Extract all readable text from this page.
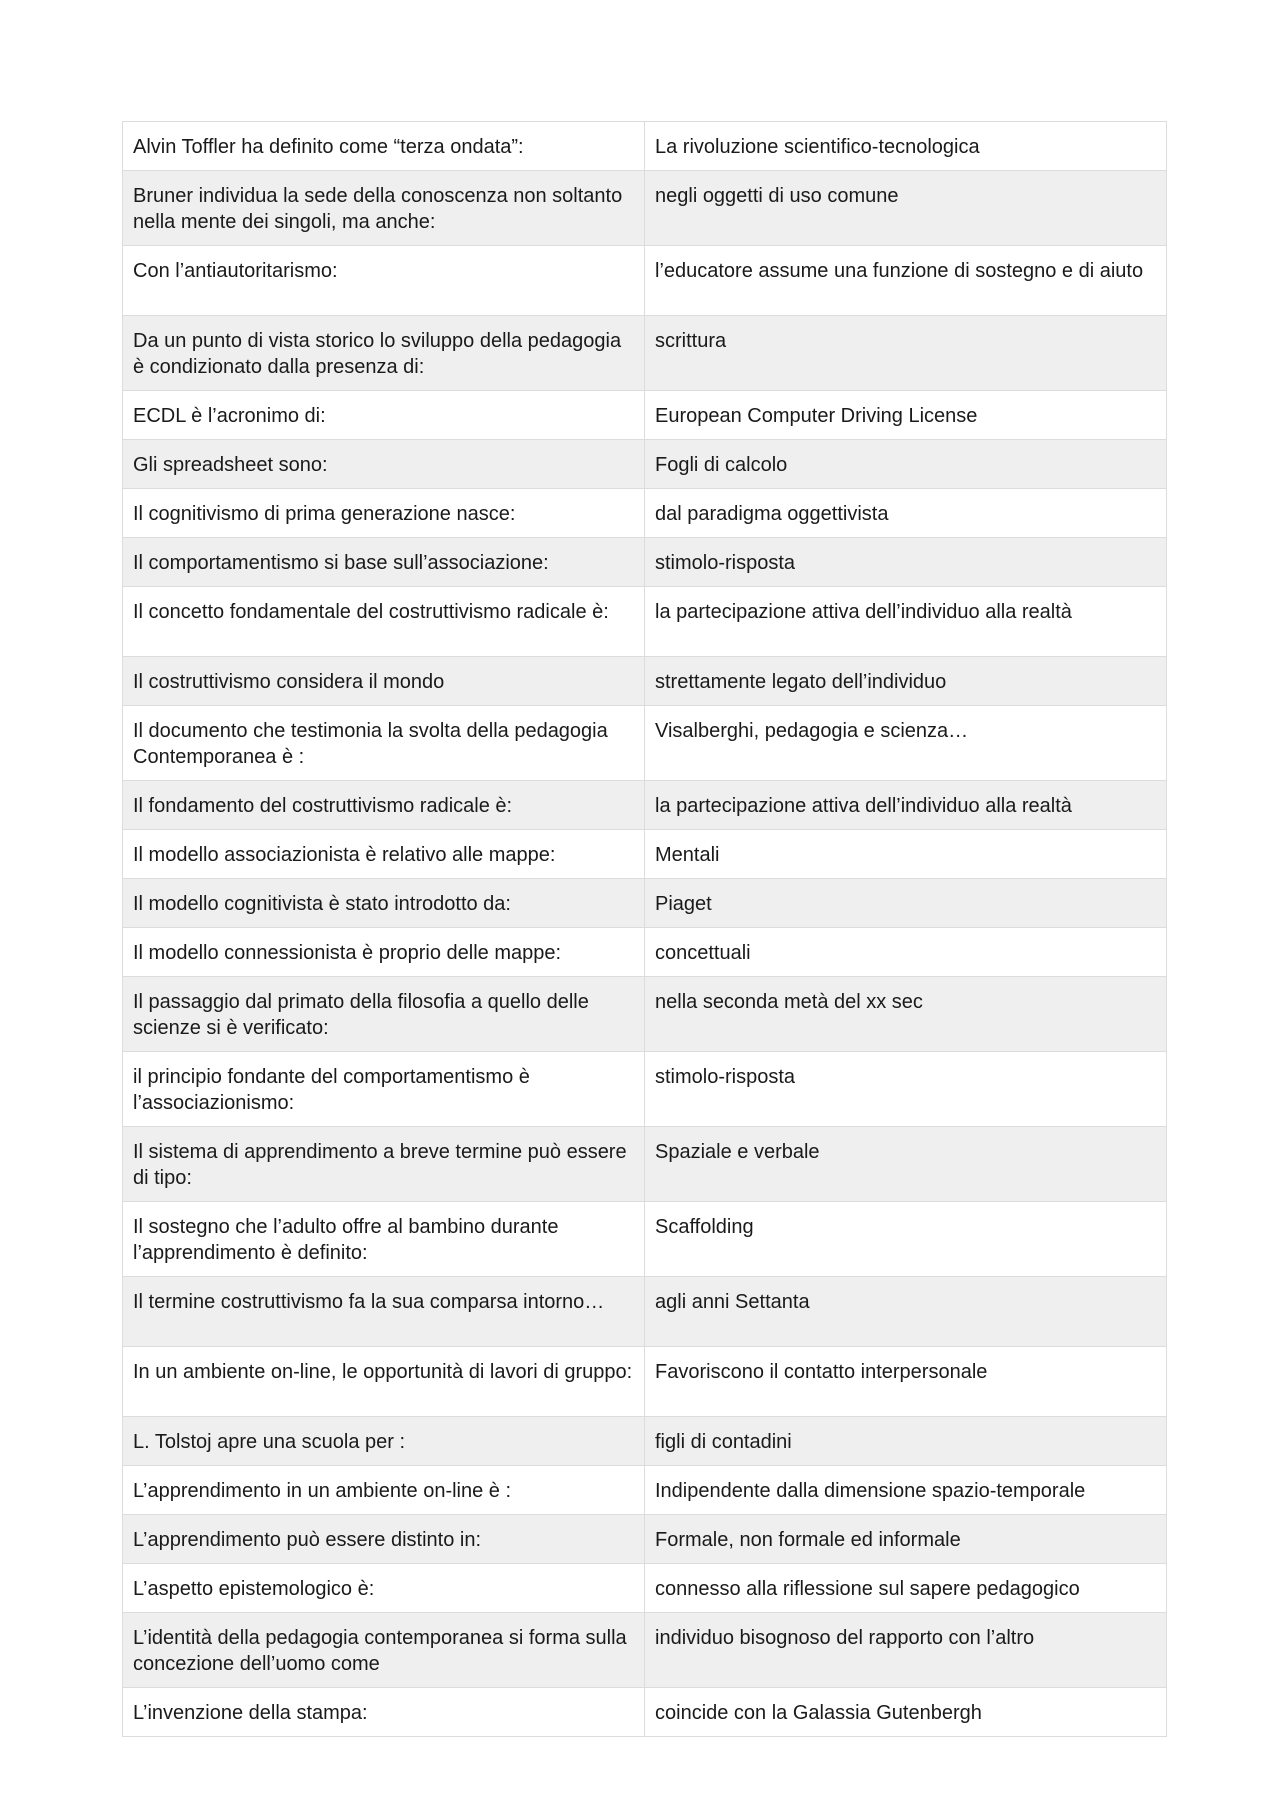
Alvin Toffler ha definito come “terza ondata”:	La rivoluzione scientifico-tecnologica
Bruner individua la sede della conoscenza non soltanto nella mente dei singoli, ma anche:	negli oggetti di uso comune
Con l’antiautoritarismo:	l’educatore assume una funzione di sostegno e di aiuto
Da un punto di vista storico lo sviluppo della pedagogia è condizionato dalla presenza di:	scrittura
ECDL è l’acronimo di:	European Computer Driving License
Gli spreadsheet sono:	Fogli di calcolo
Il cognitivismo di prima generazione nasce:	dal paradigma oggettivista
Il comportamentismo si base sull’associazione:	stimolo-risposta
Il concetto fondamentale del costruttivismo radicale è:	la partecipazione attiva dell’individuo alla realtà
Il costruttivismo considera il mondo	strettamente legato dell’individuo
Il documento che testimonia la svolta della pedagogia Contemporanea è :	Visalberghi, pedagogia e scienza…
Il fondamento del costruttivismo radicale è:	la partecipazione attiva dell’individuo alla realtà
Il modello associazionista è relativo alle mappe:	Mentali
Il modello cognitivista è stato introdotto da:	Piaget
Il modello connessionista è proprio delle mappe:	concettuali
Il passaggio dal primato della filosofia a quello delle scienze si è verificato:	nella seconda metà del xx sec
il principio fondante del comportamentismo è l’associazionismo:	stimolo-risposta
Il sistema di apprendimento a breve termine può essere di tipo:	Spaziale e verbale
Il sostegno che l’adulto offre al bambino durante l’apprendimento è definito:	Scaffolding
Il termine costruttivismo fa la sua comparsa intorno…	agli anni Settanta
In un ambiente on-line, le opportunità di lavori di gruppo:	Favoriscono il contatto interpersonale
L. Tolstoj apre una scuola per :	figli di contadini
L’apprendimento in un ambiente on-line è :	Indipendente dalla dimensione spazio-temporale
L’apprendimento può essere distinto in:	Formale, non formale ed informale
L’aspetto epistemologico è:	connesso alla riflessione sul sapere pedagogico
L’identità della pedagogia contemporanea si forma sulla concezione dell’uomo come	individuo bisognoso del rapporto con l’altro
L’invenzione della stampa:	coincide con la Galassia Gutenbergh
